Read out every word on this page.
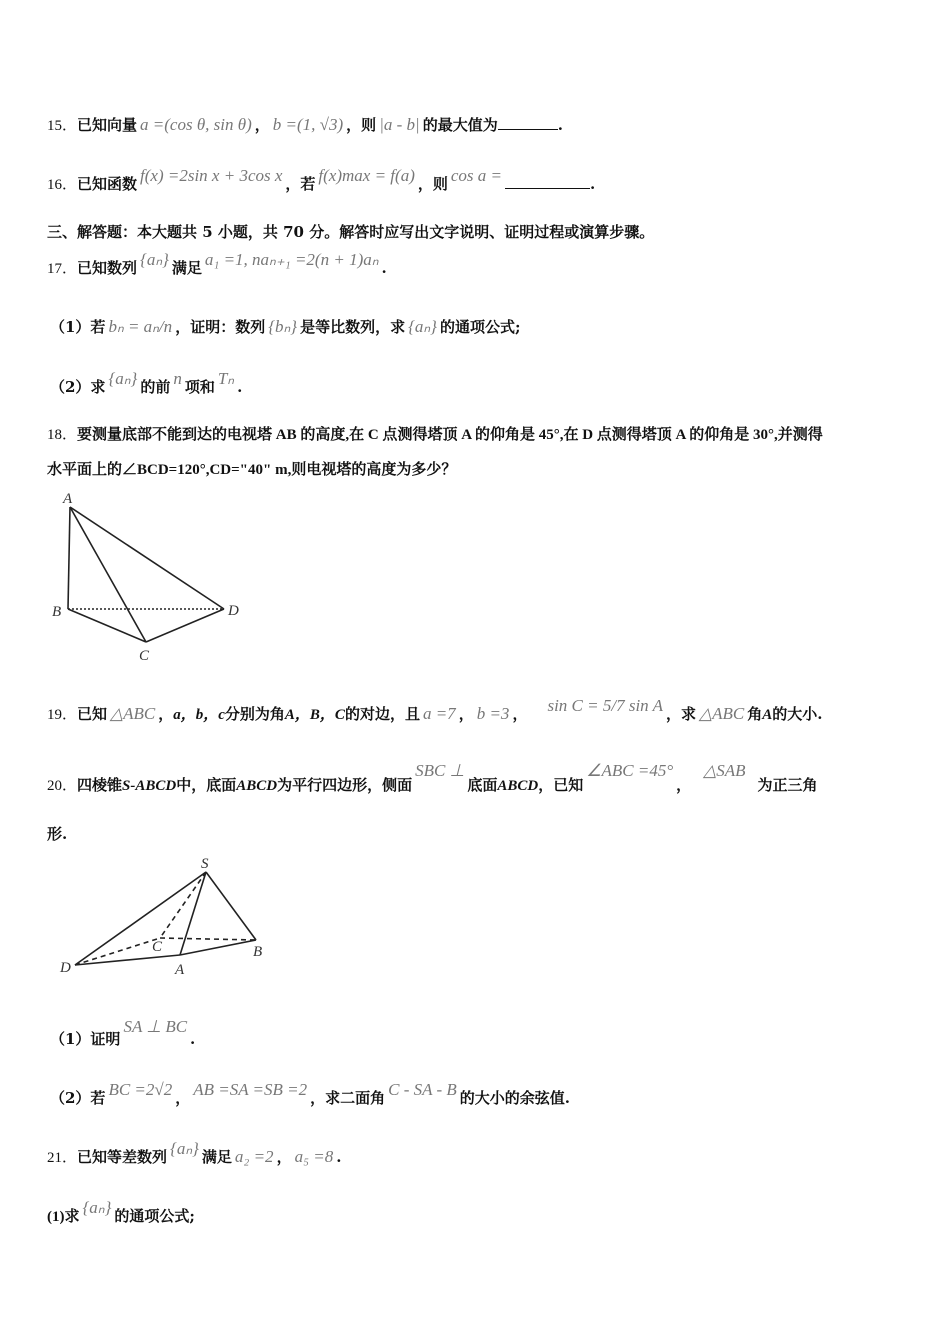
15．已知向量 a =(cos θ, sin θ) ， b =(1, √3) ，则 |a - b| 的最大值为	.
16．已知函数 f(x) =2sin x + 3cos x ，若 f(x)max = f(a) ，则 cos a =	.
三、解答题：本大题共 5 小题，共 70 分。解答时应写出文字说明、证明过程或演算步骤。
17．已知数列 {aₙ} 满足 a₁ =1, naₙ₊₁ =2(n + 1)aₙ .
（1）若 bₙ = aₙ/n ，证明：数列 {bₙ} 是等比数列，求 {aₙ} 的通项公式;
（2）求 {aₙ} 的前 n 项和 Tₙ .
18．要测量底部不能到达的电视塔 AB 的高度,在 C 点测得塔顶 A 的仰角是 45°,在 D 点测得塔顶 A 的仰角是 30°,并测得
水平面上的∠BCD=120°,CD="40" m,则电视塔的高度为多少？
A
B
C
D
S
C
D	A
B
19．已知 △ABC ，a，b，c分别为角A，B，C的对边，且 a =7 ， b =3 ， sin C = 5/7 sin A ，求 △ABC 角A的大小.
20．四棱锥S-ABCD中，底面ABCD为平行四边形，侧面SBC ⊥底面ABCD，已知∠ABC =45°，△SAB为正三角
形.
（1）证明SA ⊥ BC.
（2）若 BC =2√2 ， AB =SA =SB =2 ，求二面角 C - SA - B 的大小的余弦值.
21．已知等差数列 {aₙ} 满足 a₂ =2 ， a₅ =8 .
(1)求 {aₙ} 的通项公式;
